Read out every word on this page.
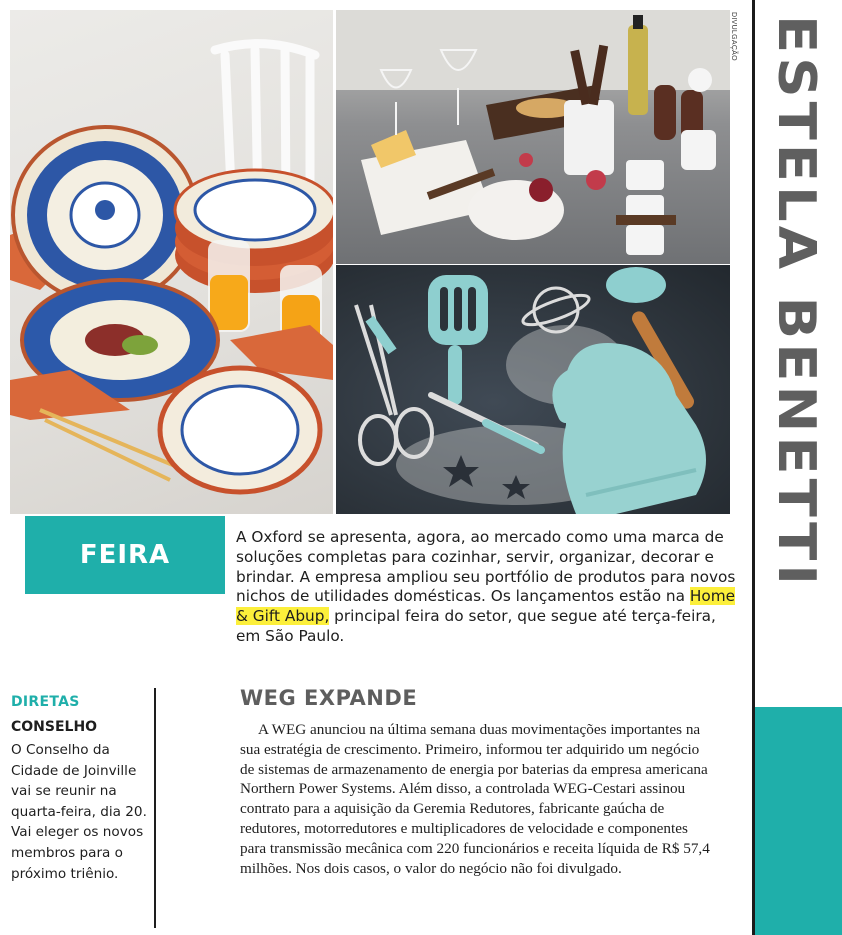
DIVULGAÇÃO ESTELA BENETTI
FEIRA

A Oxford se apresenta, agora, ao mercado como uma marca de soluções completas para cozinhar, servir, organizar, decorar e brindar. A empresa ampliou seu portfólio de produtos para novos nichos de utilidades domésticas. Os lançamentos estão na Home & Gift Abup, principal feira do setor, que segue até terça-feira, em São Paulo.

DIRETAS

CONSELHO

O Conselho da Cidade de Joinville vai se reunir na quarta-feira, dia 20. Vai eleger os novos membros para o próximo triênio.

WEG EXPANDE

A WEG anunciou na última semana duas movimentações importantes na sua estratégia de crescimento. Primeiro, informou ter adquirido um negócio de sistemas de armazenamento de energia por baterias da empresa americana Northern Power Systems. Além disso, a controlada WEG-Cestari assinou contrato para a aquisição da Geremia Redutores, fabricante gaúcha de redutores, motorredutores e multiplicadores de velocidade e componentes para transmissão mecânica com 220 funcionários e receita líquida de R$ 57,4 milhões. Nos dois casos, o valor do negócio não foi divulgado.
